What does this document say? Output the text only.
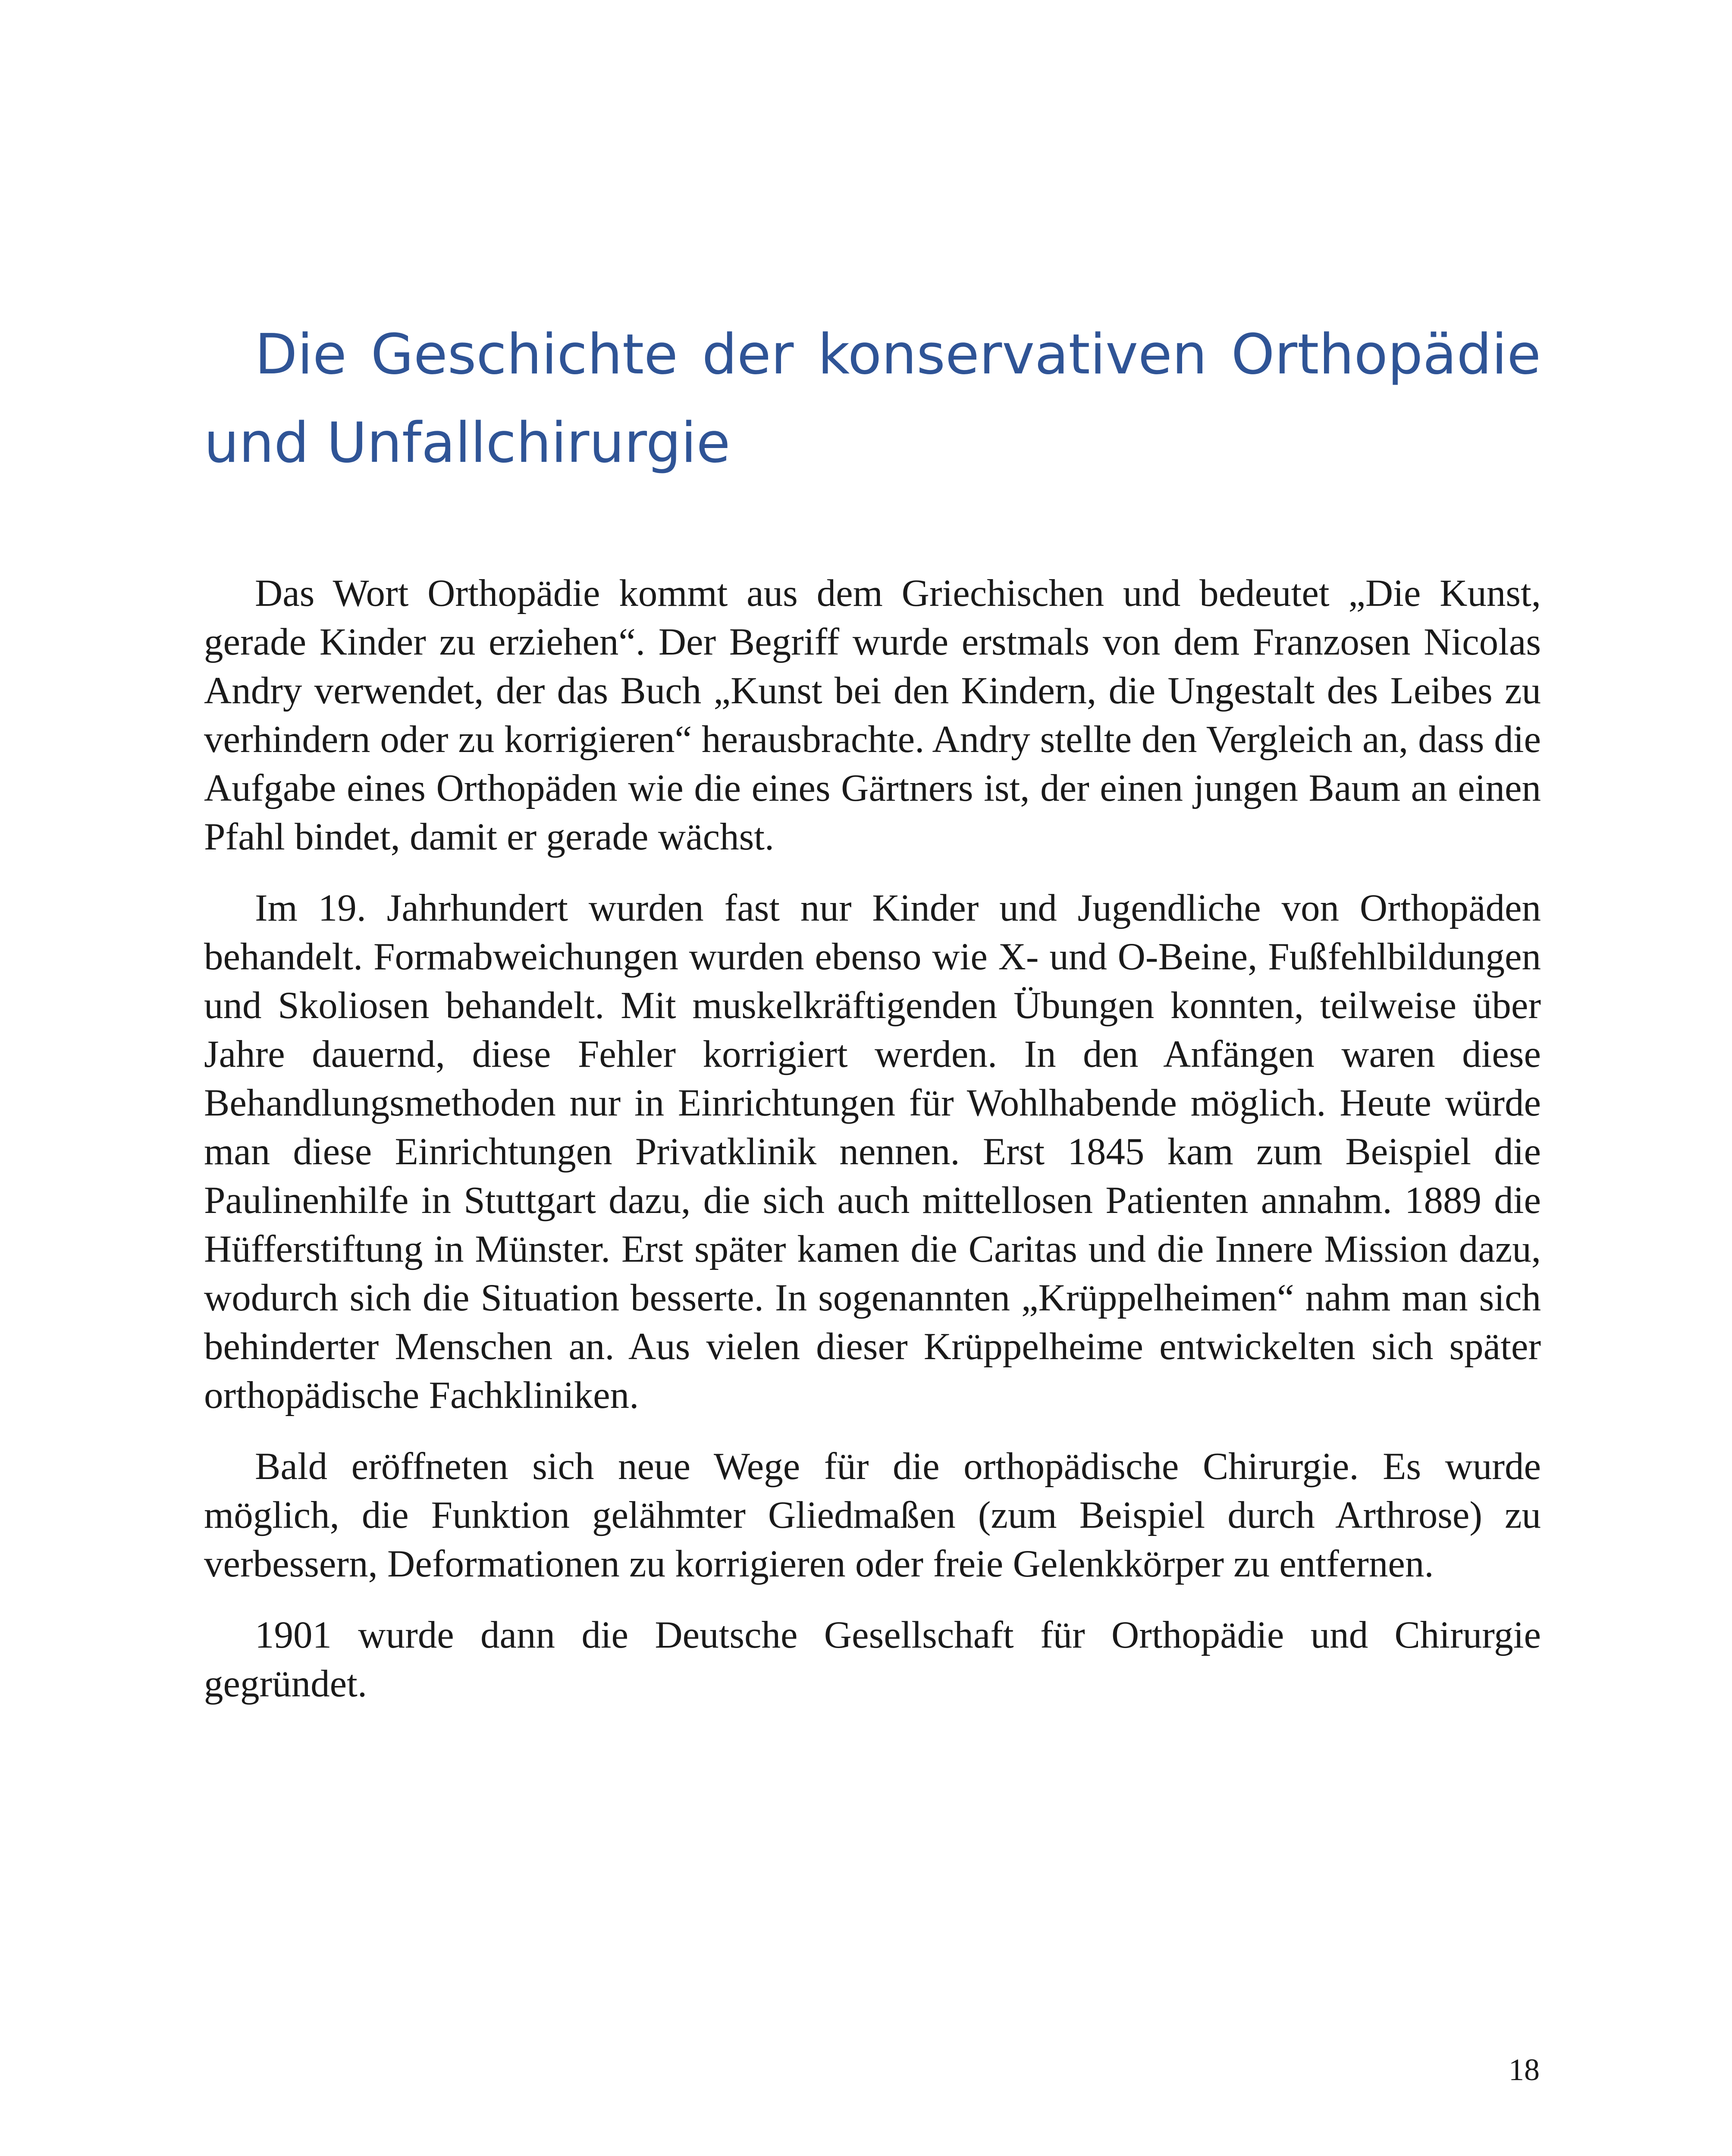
Die Geschichte der konservativen Orthopädie und Unfallchirurgie

Das Wort Orthopädie kommt aus dem Griechischen und bedeutet „Die Kunst, gerade Kinder zu erziehen“. Der Begriff wurde erstmals von dem Franzosen Nicolas Andry verwendet, der das Buch „Kunst bei den Kindern, die Ungestalt des Leibes zu verhindern oder zu korrigieren“ herausbrachte. Andry stellte den Vergleich an, dass die Aufgabe eines Orthopäden wie die eines Gärtners ist, der einen jungen Baum an einen Pfahl bindet, damit er gerade wächst.

Im 19. Jahrhundert wurden fast nur Kinder und Jugendliche von Orthopäden behandelt. Formabweichungen wurden ebenso wie X- und O-Beine, Fußfehlbildungen und Skoliosen behandelt. Mit muskelkräftigenden Übungen konnten, teilweise über Jahre dauernd, diese Fehler korrigiert werden. In den Anfängen waren diese Behandlungsmethoden nur in Einrichtungen für Wohlhabende möglich. Heute würde man diese Einrichtungen Privatklinik nennen. Erst 1845 kam zum Beispiel die Paulinenhilfe in Stuttgart dazu, die sich auch mittellosen Patienten annahm. 1889 die Hüfferstiftung in Münster. Erst später kamen die Caritas und die Innere Mission dazu, wodurch sich die Situation besserte. In sogenannten „Krüppelheimen“ nahm man sich behinderter Menschen an. Aus vielen dieser Krüppelheime entwickelten sich später orthopädische Fachkliniken.

Bald eröffneten sich neue Wege für die orthopädische Chirurgie. Es wurde möglich, die Funktion gelähmter Gliedmaßen (zum Beispiel durch Arthrose) zu verbessern, Deformationen zu korrigieren oder freie Gelenkkörper zu entfernen.

1901 wurde dann die Deutsche Gesellschaft für Orthopädie und Chirurgie gegründet.

18
